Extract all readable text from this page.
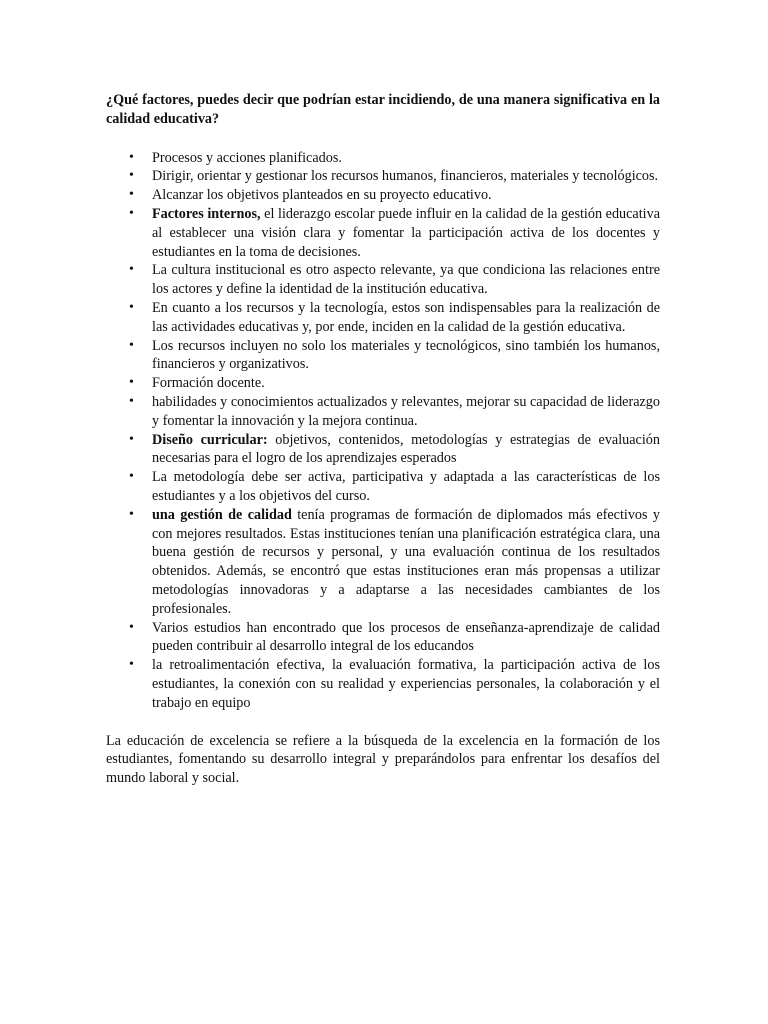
¿Qué factores, puedes decir que podrían estar incidiendo, de una manera significativa en la calidad educativa?

• Procesos y acciones planificados.
• Dirigir, orientar y gestionar los recursos humanos, financieros, materiales y tecnológicos.
• Alcanzar los objetivos planteados en su proyecto educativo.
• Factores internos, el liderazgo escolar puede influir en la calidad de la gestión educativa al establecer una visión clara y fomentar la participación activa de los docentes y estudiantes en la toma de decisiones.
• La cultura institucional es otro aspecto relevante, ya que condiciona las relaciones entre los actores y define la identidad de la institución educativa.
• En cuanto a los recursos y la tecnología, estos son indispensables para la realización de las actividades educativas y, por ende, inciden en la calidad de la gestión educativa.
• Los recursos incluyen no solo los materiales y tecnológicos, sino también los humanos, financieros y organizativos.
• Formación docente.
• habilidades y conocimientos actualizados y relevantes, mejorar su capacidad de liderazgo y fomentar la innovación y la mejora continua.
• Diseño curricular: objetivos, contenidos, metodologías y estrategias de evaluación necesarias para el logro de los aprendizajes esperados
• La metodología debe ser activa, participativa y adaptada a las características de los estudiantes y a los objetivos del curso.
• una gestión de calidad tenía programas de formación de diplomados más efectivos y con mejores resultados. Estas instituciones tenían una planificación estratégica clara, una buena gestión de recursos y personal, y una evaluación continua de los resultados obtenidos. Además, se encontró que estas instituciones eran más propensas a utilizar metodologías innovadoras y a adaptarse a las necesidades cambiantes de los profesionales.
• Varios estudios han encontrado que los procesos de enseñanza-aprendizaje de calidad pueden contribuir al desarrollo integral de los educandos
• la retroalimentación efectiva, la evaluación formativa, la participación activa de los estudiantes, la conexión con su realidad y experiencias personales, la colaboración y el trabajo en equipo

La educación de excelencia se refiere a la búsqueda de la excelencia en la formación de los estudiantes, fomentando su desarrollo integral y preparándolos para enfrentar los desafíos del mundo laboral y social.
